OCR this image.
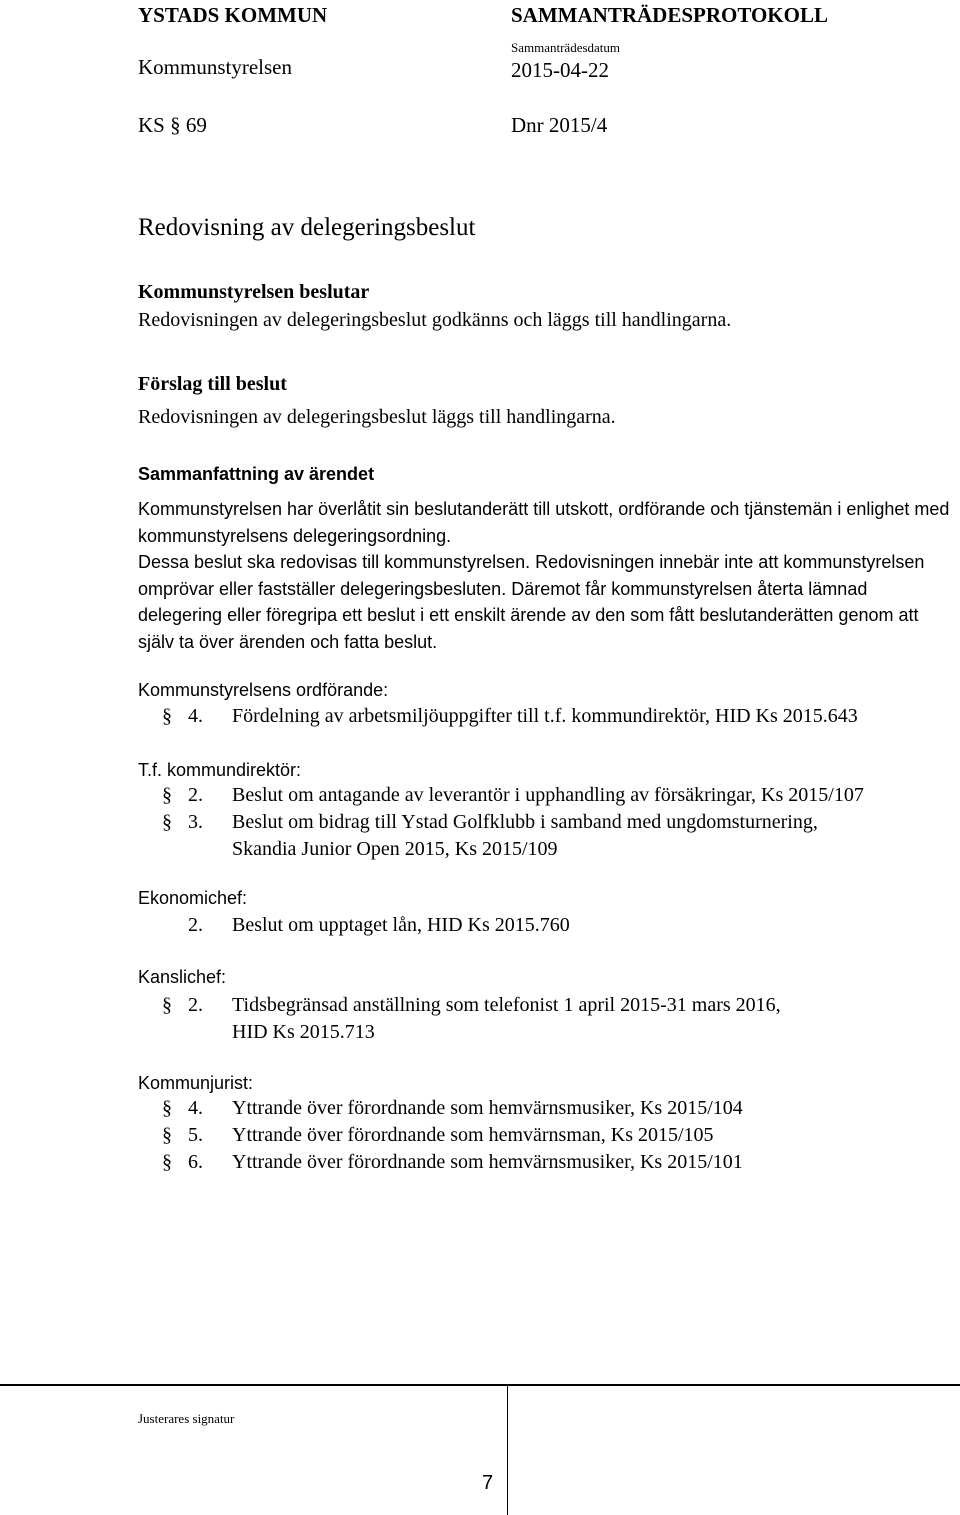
YSTADS KOMMUN	SAMMANTRÄDESPROTOKOLL
Kommunstyrelsen
Sammanträdesdatum
2015-04-22
KS § 69	Dnr 2015/4
Redovisning av delegeringsbeslut
Kommunstyrelsen beslutar
Redovisningen av delegeringsbeslut godkänns och läggs till handlingarna.
Förslag till beslut
Redovisningen av delegeringsbeslut läggs till handlingarna.
Sammanfattning av ärendet

Kommunstyrelsen har överlåtit sin beslutanderätt till utskott, ordförande och tjänstemän i enlighet med kommunstyrelsens delegeringsordning.

Dessa beslut ska redovisas till kommunstyrelsen. Redovisningen innebär inte att kommunstyrelsen omprövar eller fastställer delegeringsbesluten. Däremot får kommunstyrelsen återta lämnad delegering eller föregripa ett beslut i ett enskilt ärende av den som fått beslutanderätten genom att själv ta över ärenden och fatta beslut.

Kommunstyrelsens ordförande:
§ 4. Fördelning av arbetsmiljöuppgifter till t.f. kommundirektör, HID Ks 2015.643
T.f. kommundirektör:
§ 2. Beslut om antagande av leverantör i upphandling av försäkringar, Ks 2015/107
§ 3. Beslut om bidrag till Ystad Golfklubb i samband med ungdomsturnering,
Skandia Junior Open 2015, Ks 2015/109
Ekonomichef:
2. Beslut om upptaget lån, HID Ks 2015.760
Kanslichef:
§ 2. Tidsbegränsad anställning som telefonist 1 april 2015-31 mars 2016,
HID Ks 2015.713
Kommunjurist:
§ 4. Yttrande över förordnande som hemvärnsmusiker, Ks 2015/104
§ 5. Yttrande över förordnande som hemvärnsman, Ks 2015/105
§ 6. Yttrande över förordnande som hemvärnsmusiker, Ks 2015/101
Justerares signatur
7
